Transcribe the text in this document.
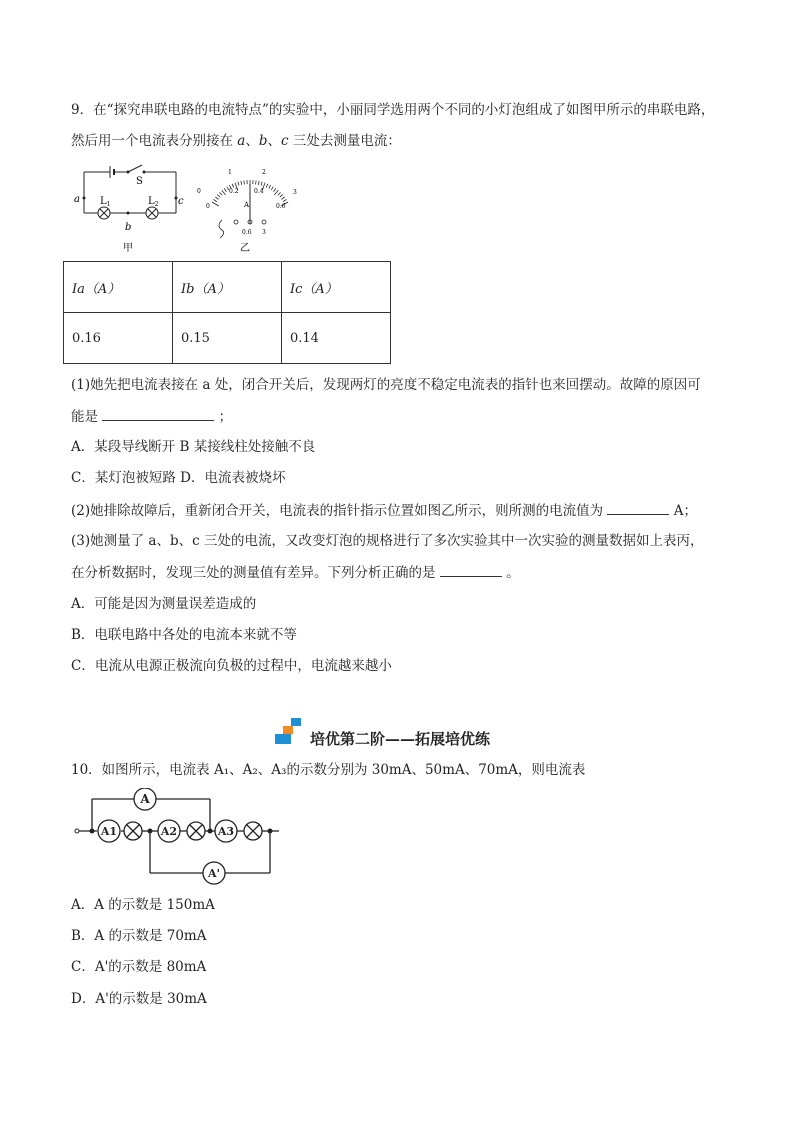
9．在“探究串联电路的电流特点”的实验中，小丽同学选用两个不同的小灯泡组成了如图甲所示的串联电路，
然后用一个电流表分别接在 a、b、c 三处去测量电流：
S
$L_1$	$L_2$
a	c
b
甲
0
0
1	2
3
0.2	0.4
0.6
A
0.6 3
乙
Ia（A）	Ib（A）	Ic（A）
0.16	0.15	0.14
(1)她先把电流表接在 a 处，闭合开关后，发现两灯的亮度不稳定电流表的指针也来回摆动。故障的原因可
能是	；
A．某段导线断开 B 某接线柱处接触不良
C．某灯泡被短路 D．电流表被烧坏
(2)她排除故障后，重新闭合开关，电流表的指针指示位置如图乙所示，则所测的电流值为	A；
(3)她测量了 a、b、c 三处的电流，又改变灯泡的规格进行了多次实验其中一次实验的测量数据如上表丙，
在分析数据时，发现三处的测量值有差异。下列分析正确的是	。
A．可能是因为测量误差造成的
B．电联电路中各处的电流本来就不等
C．电流从电源正极流向负极的过程中，电流越来越小
培优第二阶——拓展培优练
10．如图所示，电流表 A₁、A₂、A₃的示数分别为 30mA、50mA、70mA，则电流表
A
A1	A2	A3
A'
A．A 的示数是 150mA
B．A 的示数是 70mA
C．A'的示数是 80mA
D．A'的示数是 30mA
